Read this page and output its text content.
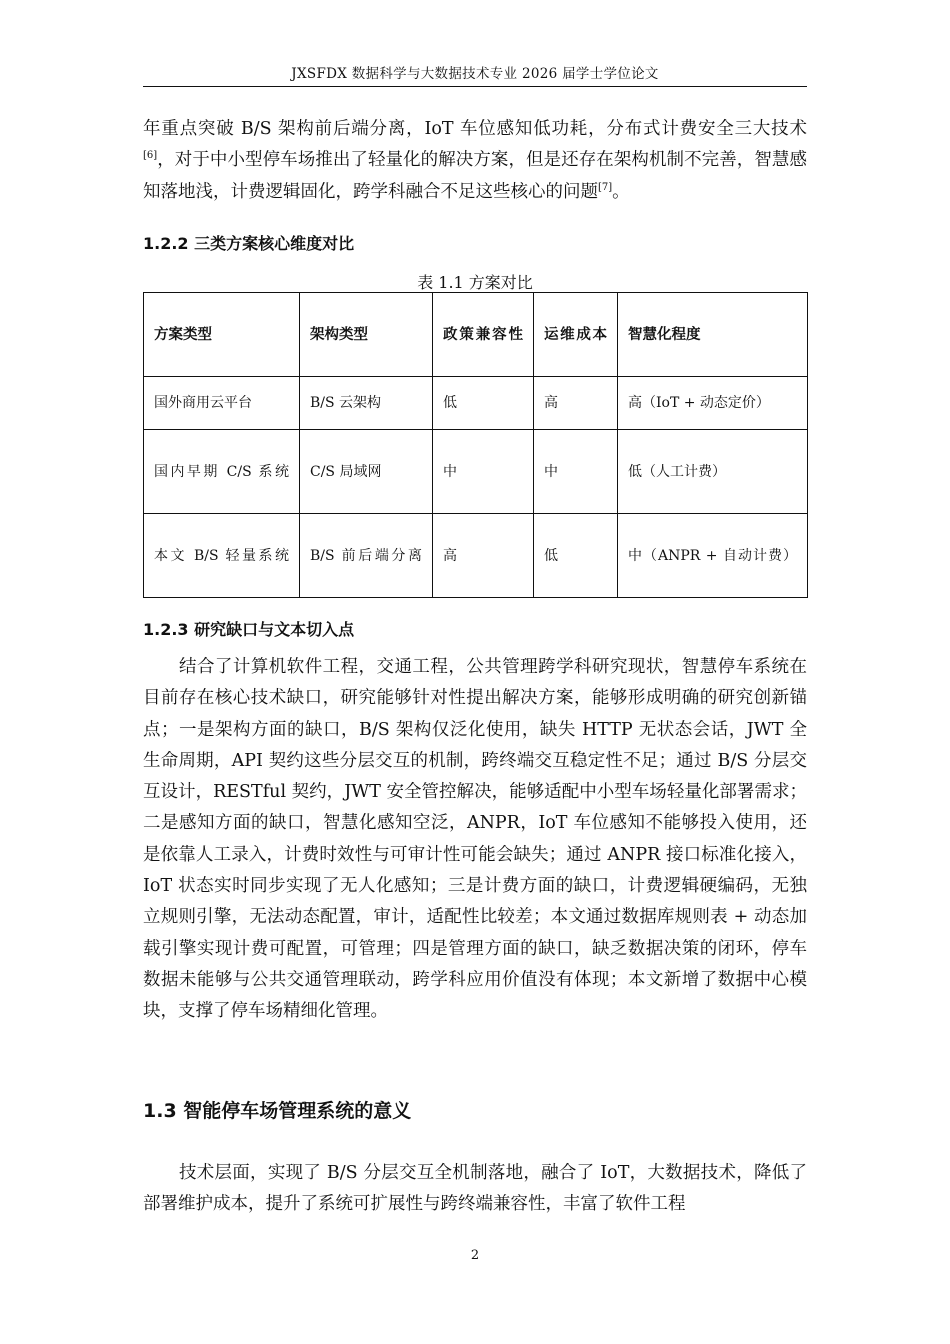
JXSFDX 数据科学与大数据技术专业 2026 届学士学位论文
年重点突破 B/S 架构前后端分离，IoT 车位感知低功耗，分布式计费安全三大技术[6]，对于中小型停车场推出了轻量化的解决方案，但是还存在架构机制不完善，智慧感知落地浅，计费逻辑固化，跨学科融合不足这些核心的问题[7]。
1.2.2 三类方案核心维度对比
表 1.1 方案对比
方案类型	架构类型	政策兼容性	运维成本	智慧化程度
国外商用云平台	B/S 云架构	低	高	高（IoT + 动态定价）
国内早期 C/S 系统	C/S 局域网	中	中	低（人工计费）
本文 B/S 轻量系统	B/S 前后端分离	高	低	中（ANPR + 自动计费）
1.2.3 研究缺口与文本切入点
结合了计算机软件工程，交通工程，公共管理跨学科研究现状，智慧停车系统在目前存在核心技术缺口，研究能够针对性提出解决方案，能够形成明确的研究创新锚点；一是架构方面的缺口，B/S 架构仅泛化使用，缺失 HTTP 无状态会话，JWT 全生命周期，API 契约这些分层交互的机制，跨终端交互稳定性不足；通过 B/S 分层交互设计，RESTful 契约，JWT 安全管控解决，能够适配中小型车场轻量化部署需求；二是感知方面的缺口，智慧化感知空泛，ANPR，IoT 车位感知不能够投入使用，还是依靠人工录入，计费时效性与可审计性可能会缺失；通过 ANPR 接口标准化接入，IoT 状态实时同步实现了无人化感知；三是计费方面的缺口，计费逻辑硬编码，无独立规则引擎，无法动态配置，审计，适配性比较差；本文通过数据库规则表 + 动态加载引擎实现计费可配置，可管理；四是管理方面的缺口，缺乏数据决策的闭环，停车数据未能够与公共交通管理联动，跨学科应用价值没有体现；本文新增了数据中心模块，支撑了停车场精细化管理。
1.3 智能停车场管理系统的意义
技术层面，实现了 B/S 分层交互全机制落地，融合了 IoT，大数据技术，降低了部署维护成本，提升了系统可扩展性与跨终端兼容性，丰富了软件工程
2
